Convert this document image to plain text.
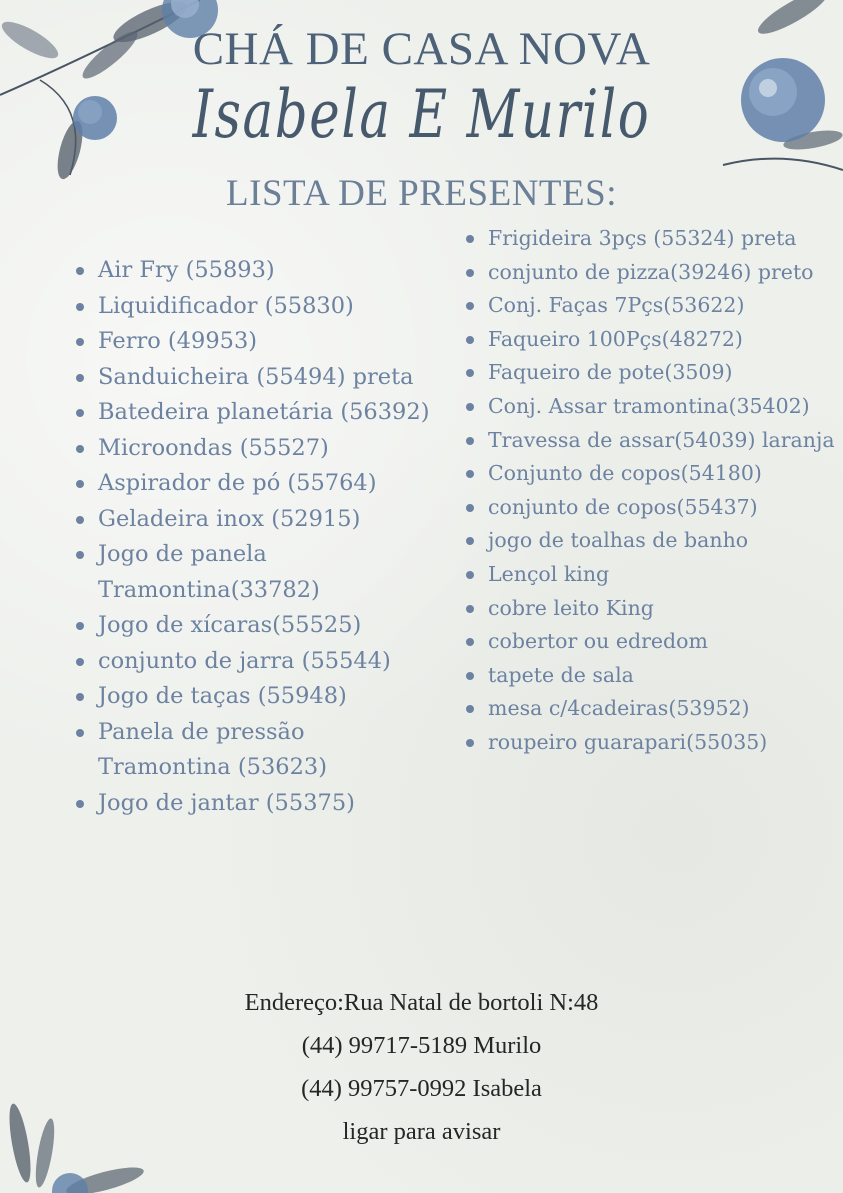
CHÁ DE CASA NOVA
Isabela E Murilo
LISTA DE PRESENTES:
Air Fry (55893)
Liquidificador (55830)
Ferro (49953)
Sanduicheira (55494) preta
Batedeira planetária (56392)
Microondas (55527)
Aspirador de pó (55764)
Geladeira inox (52915)
Jogo de panela Tramontina(33782)
Jogo de xícaras(55525)
conjunto de jarra (55544)
Jogo de taças (55948)
Panela de pressão Tramontina (53623)
Jogo de jantar (55375)
Frigideira 3pçs (55324) preta
conjunto de pizza(39246) preto
Conj. Faças 7Pçs(53622)
Faqueiro 100Pçs(48272)
Faqueiro de pote(3509)
Conj. Assar tramontina(35402)
Travessa de assar(54039) laranja
Conjunto de copos(54180)
conjunto de copos(55437)
jogo de toalhas de banho
Lençol king
cobre leito King
cobertor ou edredom
tapete de sala
mesa c/4cadeiras(53952)
roupeiro guarapari(55035)
Endereço:Rua Natal de bortoli N:48
(44) 99717-5189 Murilo
(44) 99757-0992 Isabela
ligar para avisar
